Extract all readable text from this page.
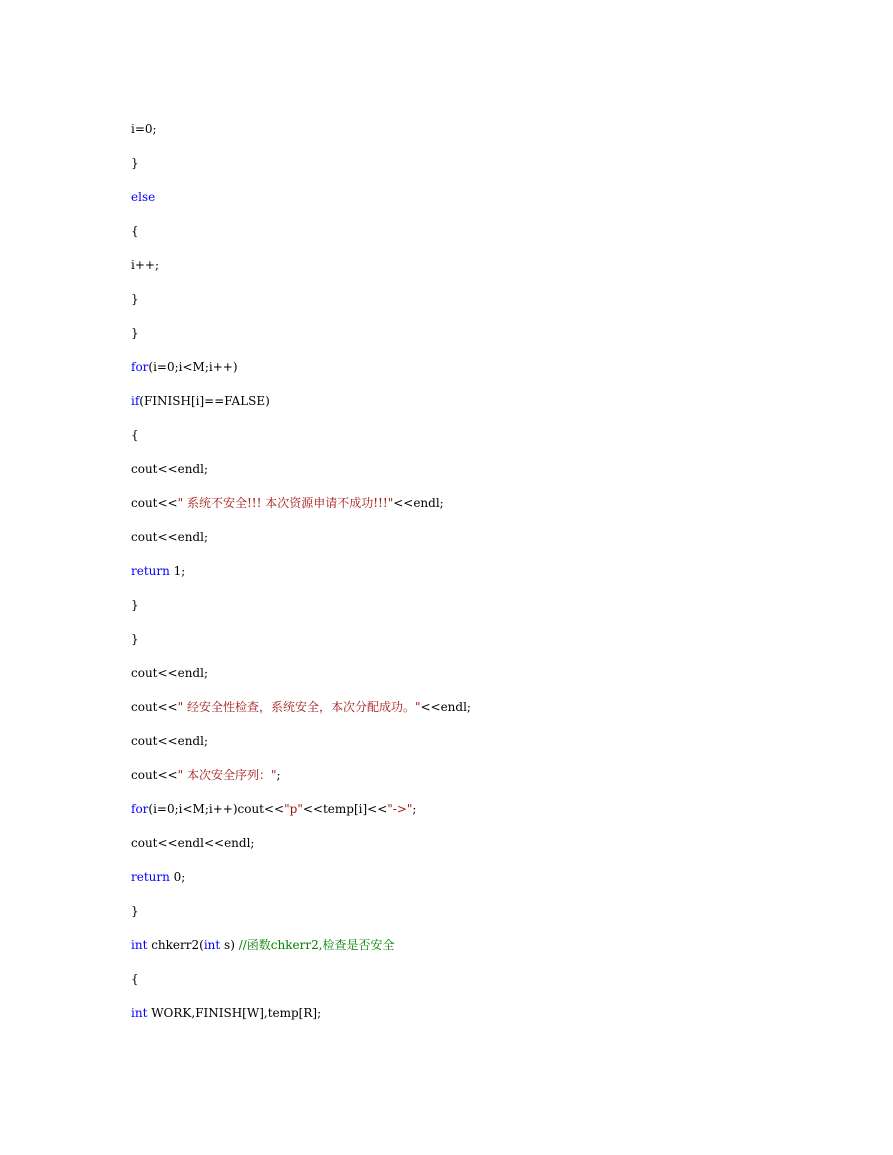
i=0;
}
else
{
i++;
}
}
for(i=0;i<M;i++)
if(FINISH[i]==FALSE)
{
cout<<endl;
cout<<" 系统不安全!!! 本次资源申请不成功!!!"<<endl;
cout<<endl;
return 1;
}
}
cout<<endl;
cout<<" 经安全性检查，系统安全，本次分配成功。"<<endl;
cout<<endl;
cout<<" 本次安全序列：";
for(i=0;i<M;i++)cout<<"p"<<temp[i]<<"->";
cout<<endl<<endl;
return 0;
}
int chkerr2(int s) //函数chkerr2,检查是否安全
{
int WORK,FINISH[W],temp[R];
